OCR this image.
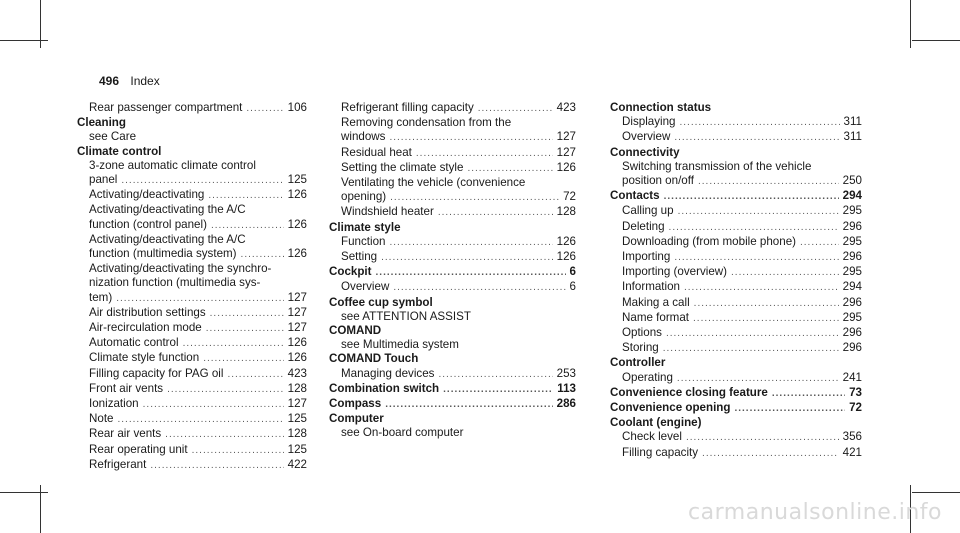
496 Index
Rear passenger compartment .....	106
Cleaning
see Care
Climate control
3-zone automatic climate control
panel .....	125
Activating/deactivating .....	126
Activating/deactivating the A/C
function (control panel) .....	126
Activating/deactivating the A/C
function (multimedia system) .....	126
Activating/deactivating the synchro-
nization function (multimedia sys-
tem) .....	127
Air distribution settings .....	127
Air-recirculation mode .....	127
Automatic control .....	126
Climate style function .....	126
Filling capacity for PAG oil .....	423
Front air vents .....	128
Ionization .....	127
Note .....	125
Rear air vents .....	128
Rear operating unit .....	125
Refrigerant .....	422
Refrigerant filling capacity .....	423
Removing condensation from the
windows .....	127
Residual heat .....	127
Setting the climate style .....	126
Ventilating the vehicle (convenience
opening) .....	72
Windshield heater .....	128
Climate style
Function .....	126
Setting .....	126
Cockpit .....	6
Overview .....	6
Coffee cup symbol
see ATTENTION ASSIST
COMAND
see Multimedia system
COMAND Touch
Managing devices .....	253
Combination switch .....	113
Compass .....	286
Computer
see On-board computer
Connection status
Displaying .....	311
Overview .....	311
Connectivity
Switching transmission of the vehicle
position on/off .....	250
Contacts .....	294
Calling up .....	295
Deleting .....	296
Downloading (from mobile phone) .....	295
Importing .....	296
Importing (overview) .....	295
Information .....	294
Making a call .....	296
Name format .....	295
Options .....	296
Storing .....	296
Controller
Operating .....	241
Convenience closing feature .....	73
Convenience opening .....	72
Coolant (engine)
Check level .....	356
Filling capacity .....	421
carmanualsonline.info
